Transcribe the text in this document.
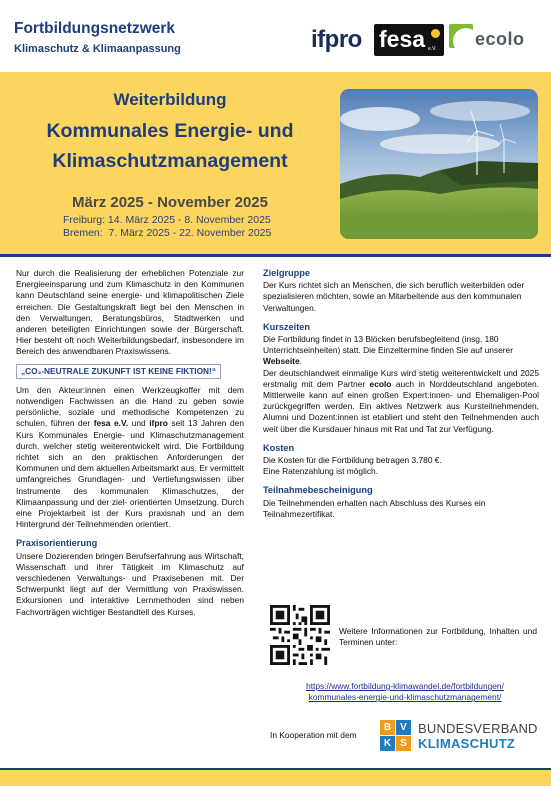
Fortbildungsnetzwerk
Klimaschutz & Klimaanpassung	ifpro fesa e.V. ecolo
Weiterbildung
Kommunales Energie- und
Klimaschutzmanagement
März 2025 - November 2025
Freiburg: 14. März 2025 - 8. November 2025
Bremen:  7. März 2025 - 22. November 2025

Nur durch die Realisierung der erheblichen Potenziale zur Energieeinsparung und zum Klimaschutz in den Kommunen kann Deutschland seine energie- und klimapolitischen Ziele erreichen. Die Gestaltungskraft liegt bei den Menschen in den Verwaltungen, Beratungsbüros, Stadtwerken und anderen beteiligten Einrichtungen sowie der Bürgerschaft. Hier besteht oft noch Weiterbildungsbedarf, insbesondere im Bereich des anwendbaren Praxiswissens.

„CO₂-NEUTRALE ZUKUNFT IST KEINE FIKTION!“

Um den Akteur:innen einen Werkzeugkoffer mit dem notwendigen Fachwissen an die Hand zu geben sowie persönliche, soziale und methodische Kompetenzen zu schulen, führen der fesa e.V. und ifpro seit 13 Jahren den Kurs Kommunales Energie- und Klimaschutzmanagement durch, welcher stetig weiterentwickelt wird. Die Fortbildung richtet sich an den praktischen Anforderungen der Kommunen und dem aktuellen Arbeitsmarkt aus. Er vermittelt umfangreiches Grundlagen- und Vertiefungswissen über Instrumente des kommunalen Klimaschutzes, der Klimaanpassung und der ziel- orientierten Umsetzung. Durch eine Projektarbeit ist der Kurs praxisnah und an dem Hintergrund der Teilnehmenden orientiert.

Praxisorientierung

Unsere Dozierenden bringen Berufserfahrung aus Wirtschaft, Wissenschaft und ihrer Tätigkeit im Klimaschutz auf verschiedenen Verwaltungs- und Praxisebenen mit. Der Schwerpunkt liegt auf der Vermittlung von Praxiswissen. Exkursionen und interaktive Lernmethoden sind neben Fachvorträgen wichtiger Bestandteil des Kurses.

Zielgruppe

Der Kurs richtet sich an Menschen, die sich beruflich weiterbilden oder spezialisieren möchten, sowie an Mitarbeitende aus den kommunalen Verwaltungen.

Kurszeiten

Die Fortbildung findet in 13 Blöcken berufsbegleitend (insg. 180 Unterrichtseinheiten) statt. Die Einzeltermine finden Sie auf unserer Webseite.

Der deutschlandweit einmalige Kurs wird stetig weiterentwickelt und 2025 erstmalig mit dem Partner ecolo auch in Norddeutschland angeboten. Mittlerweile kann auf einen großen Expert:innen- und Ehemaligen-Pool zurückgegriffen werden. Ein aktives Netzwerk aus Kursteilnehmenden, Alumni und Dozent:innen ist etabliert und steht den Teilnehmenden auch weit über die Kursdauer hinaus mit Rat und Tat zur Verfügung.

Kosten

Die Kosten für die Fortbildung betragen 3.780 €.

Eine Ratenzahlung ist möglich.

Teilnahmebescheinigung

Die Teilnehmenden erhalten nach Abschluss des Kurses ein Teilnahmezertifikat.

Weitere Informationen zur Fortbildung, Inhalten und Terminen unter:
https://www.fortbildung-klimawandel.de/fortbildungen/
kommunales-energie-und-klimaschutzmanagement/
In Kooperation mit dem
B V
K S
BUNDESVERBAND
KLIMASCHUTZ
